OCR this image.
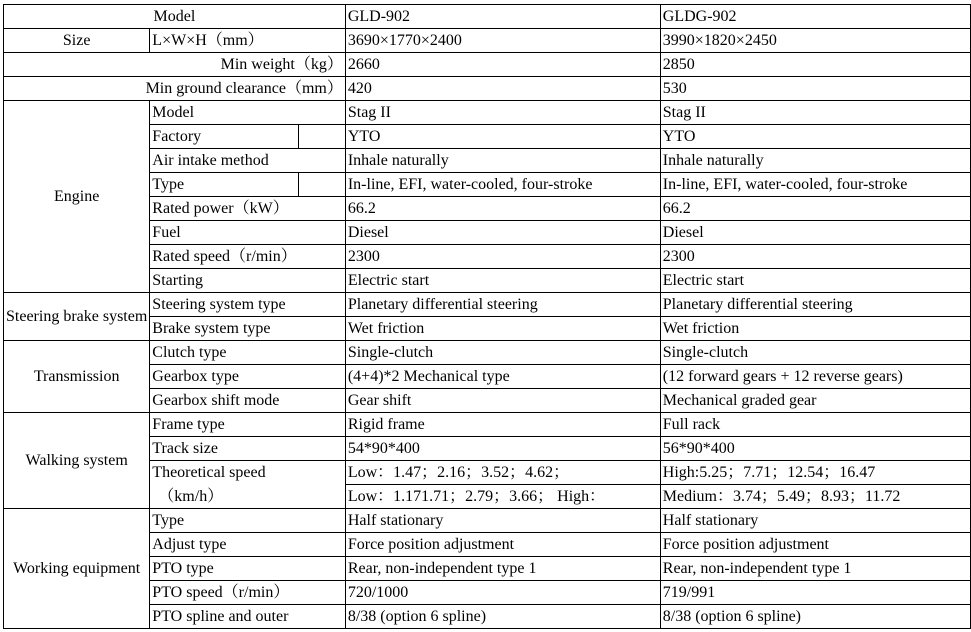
Model			GLD-902	GLDG-902
Size	L×W×H（mm）		3690×1770×2400	3990×1820×2450
Min weight（kg）			2660	2850
Min ground clearance（mm）			420	530
Engine	Model		Stag II	Stag II
	Factory		YTO	YTO
	Air intake method		Inhale naturally	Inhale naturally
	Type		In-line, EFI, water-cooled, four-stroke	In-line, EFI, water-cooled, four-stroke
	Rated power（kW）		66.2	66.2
	Fuel		Diesel	Diesel
	Rated speed（r/min）		2300	2300
	Starting		Electric start	Electric start
Steering brake system	Steering system type		Planetary differential steering	Planetary differential steering
	Brake system type		Wet friction	Wet friction
Transmission	Clutch type		Single-clutch	Single-clutch
	Gearbox type		(4+4)*2 Mechanical type	(12 forward gears + 12 reverse gears)
	Gearbox shift mode		Gear shift	Mechanical graded gear
Walking system	Frame type		Rigid frame	Full rack
	Track size		54*90*400	56*90*400
	Theoretical speed		Low：1.47；2.16；3.52；4.62；	High:5.25；7.71；12.54；16.47
	（km/h）		Low：1.171.71；2.79；3.66； High：	Medium：3.74；5.49；8.93；11.72
Working equipment	Type		Half stationary	Half stationary
	Adjust type		Force position adjustment	Force position adjustment
	PTO type		Rear, non-independent type 1	Rear, non-independent type 1
	PTO speed（r/min）		720/1000	719/991
	PTO spline and outer		8/38 (option 6 spline)	8/38 (option 6 spline)
